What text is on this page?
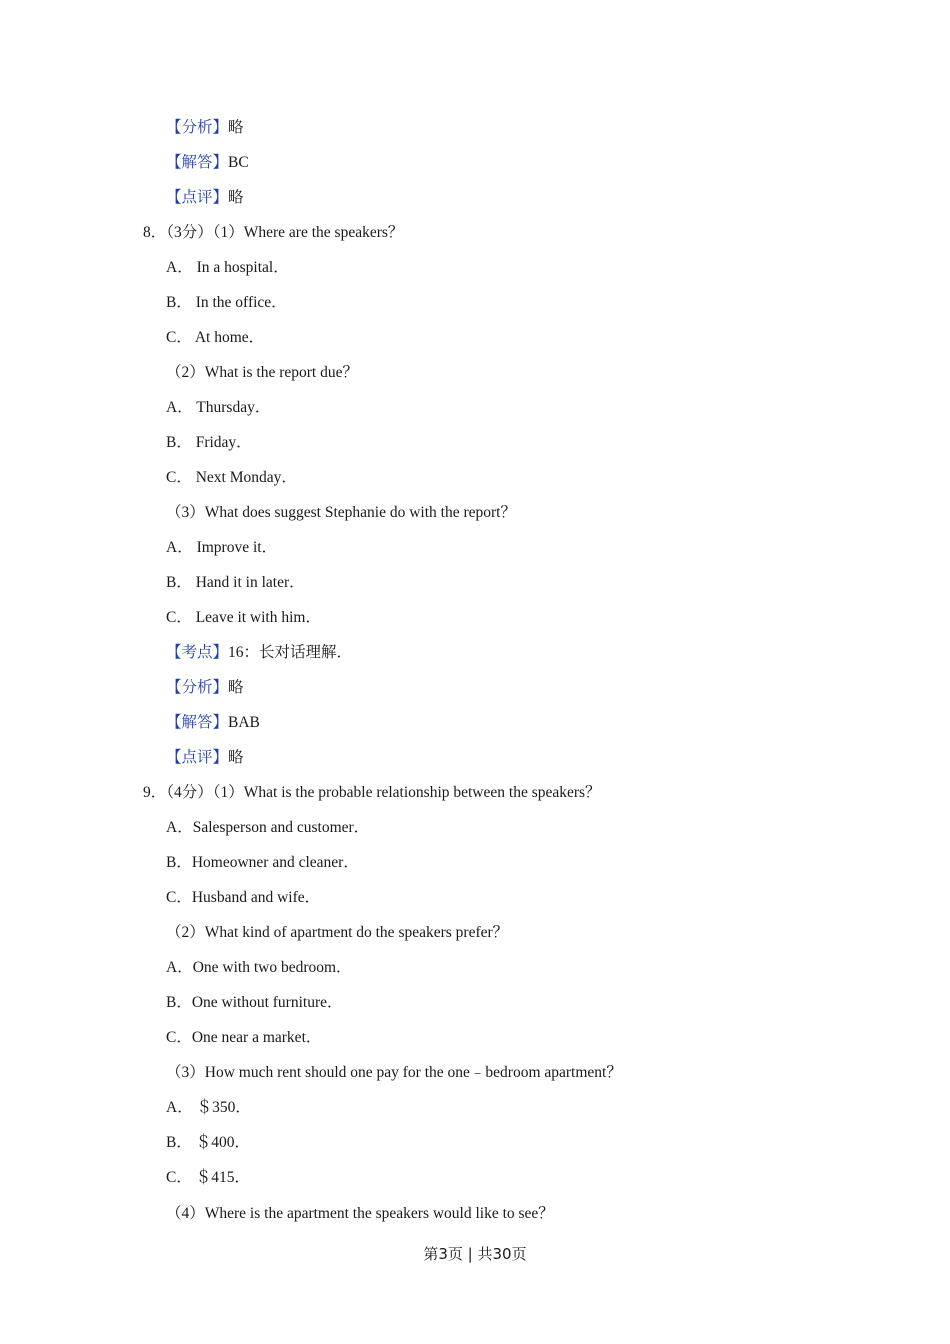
【分析】略
【解答】BC
【点评】略
8．（3分）（1）Where are the speakers？
A． In a hospital．
B． In the office．
C． At home．
（2）What is the report due？
A． Thursday．
B． Friday．
C． Next Monday．
（3）What does suggest Stephanie do with the report？
A． Improve it．
B． Hand it in later．
C． Leave it with him．
【考点】16：长对话理解．
【分析】略
【解答】BAB
【点评】略
9．（4分）（1）What is the probable relationship between the speakers？
A．Salesperson and customer．
B．Homeowner and cleaner．
C．Husband and wife．
（2）What kind of apartment do the speakers prefer？
A．One with two bedroom．
B．One without furniture．
C．One near a market．
（3）How much rent should one pay for the one﹣bedroom apartment？
A． ＄350．
B． ＄400．
C． ＄415．
（4）Where is the apartment the speakers would like to see？
第3页 | 共30页
